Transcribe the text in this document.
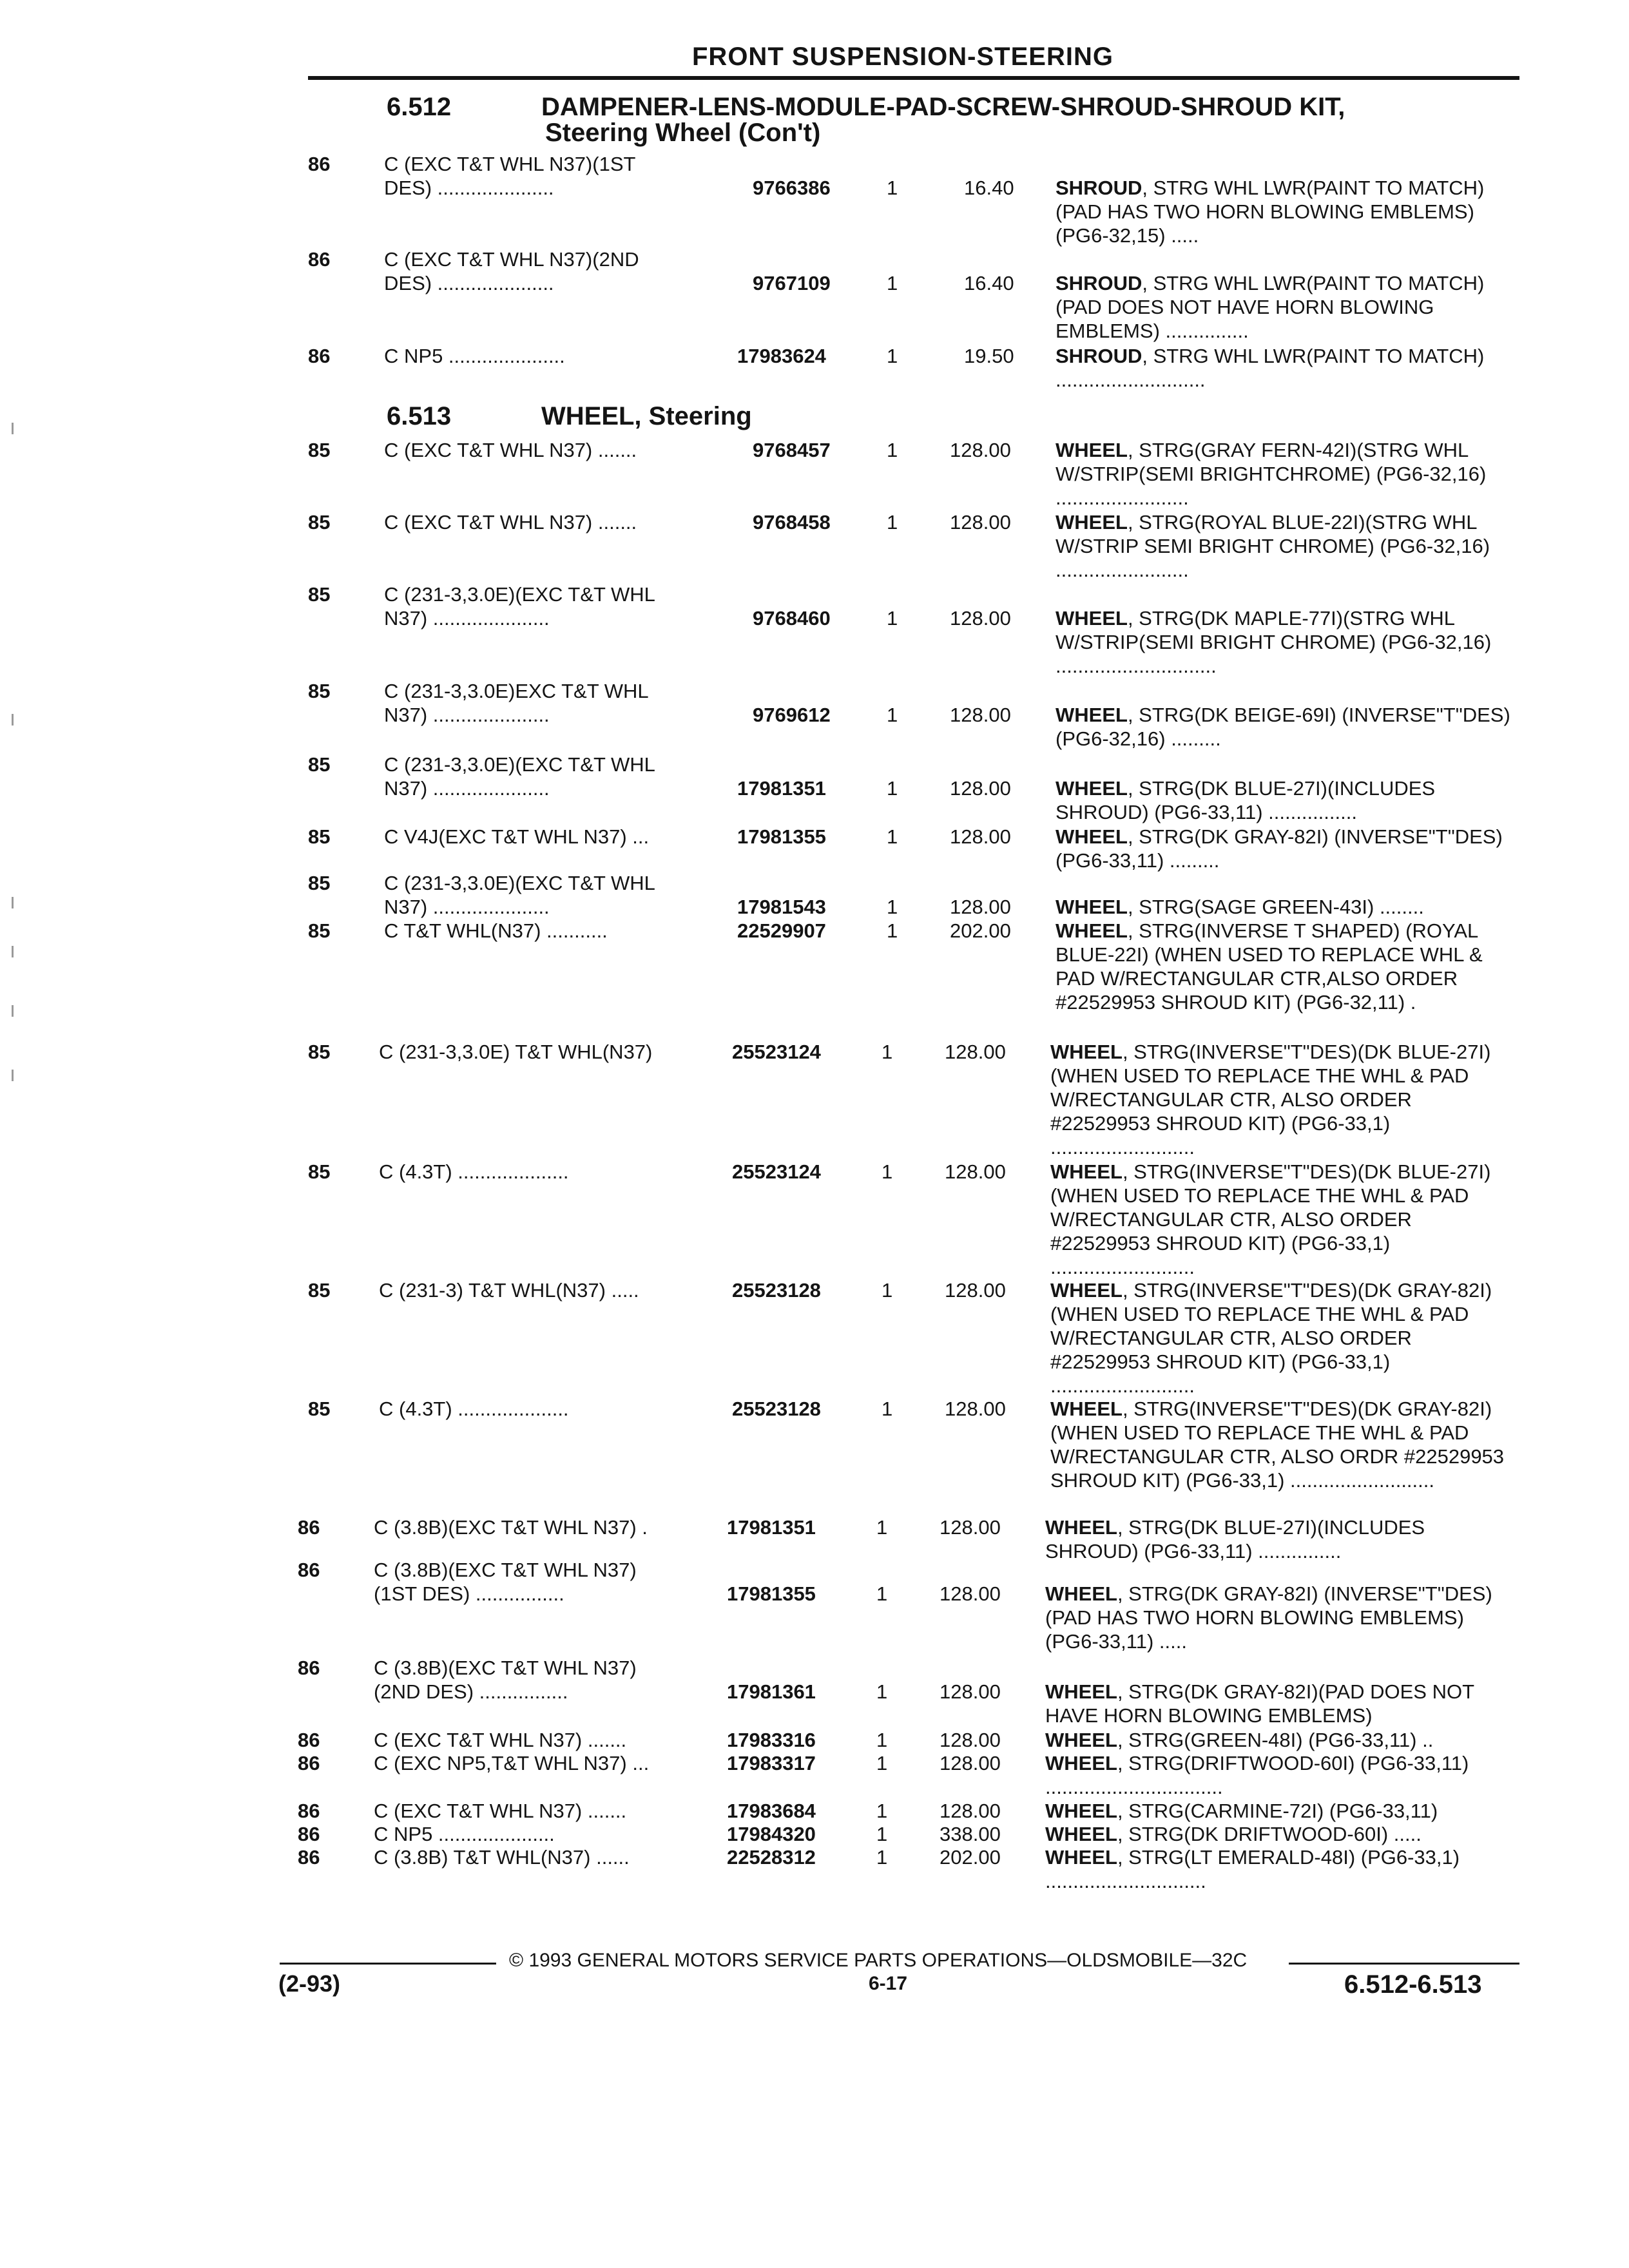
FRONT SUSPENSION-STEERING
6.512	DAMPENER-LENS-MODULE-PAD-SCREW-SHROUD-SHROUD KIT,
Steering Wheel (Con't)
6.513	WHEEL, Steering
86	C (EXC T&T WHL N37)(1ST
DES) .....................	9766386	1	16.40 SHROUD, STRG WHL LWR(PAINT TO MATCH)(PAD HAS TWO HORN BLOWING EMBLEMS) (PG6-32,15) .....
86	C (EXC T&T WHL N37)(2ND
DES) .....................	9767109	1	16.40 SHROUD, STRG WHL LWR(PAINT TO MATCH)(PAD DOES NOT HAVE HORN BLOWING EMBLEMS) ...............
86	C NP5 .....................	17983624	1	19.50 SHROUD, STRG WHL LWR(PAINT TO MATCH) ...........................
85	C (EXC T&T WHL N37) .......	9768457	1	128.00 WHEEL, STRG(GRAY FERN-42I)(STRG WHL W/STRIP(SEMI BRIGHTCHROME) (PG6-32,16) ........................
85	C (EXC T&T WHL N37) .......	9768458	1	128.00 WHEEL, STRG(ROYAL BLUE-22I)(STRG WHL W/STRIP SEMI BRIGHT CHROME) (PG6-32,16) ........................
85	C (231-3,3.0E)(EXC T&T WHL
N37) .....................	9768460	1	128.00 WHEEL, STRG(DK MAPLE-77I)(STRG WHL W/STRIP(SEMI BRIGHT CHROME) (PG6-32,16) .............................
85	C (231-3,3.0E)EXC T&T WHL
N37) .....................	9769612	1	128.00 WHEEL, STRG(DK BEIGE-69I) (INVERSE"T"DES) (PG6-32,16) .........
85	C (231-3,3.0E)(EXC T&T WHL
N37) .....................	17981351	1	128.00 WHEEL, STRG(DK BLUE-27I)(INCLUDES SHROUD) (PG6-33,11) ................
85	C V4J(EXC T&T WHL N37) ...	17981355	1	128.00 WHEEL, STRG(DK GRAY-82I) (INVERSE"T"DES) (PG6-33,11) .........
85	C (231-3,3.0E)(EXC T&T WHL
N37) .....................	17981543	1	128.00 WHEEL, STRG(SAGE GREEN-43I) ........
85	C T&T WHL(N37) ...........	22529907	1	202.00 WHEEL, STRG(INVERSE T SHAPED) (ROYAL BLUE-22I) (WHEN USED TO REPLACE WHL & PAD W/RECTANGULAR CTR,ALSO ORDER #22529953 SHROUD KIT) (PG6-32,11) .
85 C (231-3,3.0E) T&T WHL(N37)	25523124	1	128.00 WHEEL, STRG(INVERSE"T"DES)(DK BLUE-27I) (WHEN USED TO REPLACE THE WHL & PAD W/RECTANGULAR CTR, ALSO ORDER #22529953 SHROUD KIT) (PG6-33,1) ..........................
85 C (4.3T) ....................	25523124	1	128.00 WHEEL, STRG(INVERSE"T"DES)(DK BLUE-27I) (WHEN USED TO REPLACE THE WHL & PAD W/RECTANGULAR CTR, ALSO ORDER #22529953 SHROUD KIT) (PG6-33,1) ..........................
85 C (231-3) T&T WHL(N37) .....	25523128	1	128.00 WHEEL, STRG(INVERSE"T"DES)(DK GRAY-82I) (WHEN USED TO REPLACE THE WHL & PAD W/RECTANGULAR CTR, ALSO ORDER #22529953 SHROUD KIT) (PG6-33,1) ..........................
85 C (4.3T) ....................	25523128	1	128.00 WHEEL, STRG(INVERSE"T"DES)(DK GRAY-82I) (WHEN USED TO REPLACE THE WHL & PAD W/RECTANGULAR CTR, ALSO ORDR #22529953 SHROUD KIT) (PG6-33,1) ..........................
86	C (3.8B)(EXC T&T WHL N37) .	17981351	1	128.00 WHEEL, STRG(DK BLUE-27I)(INCLUDES SHROUD) (PG6-33,11) ...............
86	C (3.8B)(EXC T&T WHL N37)
(1ST DES) ................	17981355	1	128.00 WHEEL, STRG(DK GRAY-82I) (INVERSE"T"DES)(PAD HAS TWO HORN BLOWING EMBLEMS)(PG6-33,11) .....
86	C (3.8B)(EXC T&T WHL N37)
(2ND DES) ................	17981361	1	128.00 WHEEL, STRG(DK GRAY-82I)(PAD DOES NOT HAVE HORN BLOWING EMBLEMS)
86	C (EXC T&T WHL N37) .......	17983316	1	128.00 WHEEL, STRG(GREEN-48I) (PG6-33,11) ..
86	C (EXC NP5,T&T WHL N37) ...	17983317	1	128.00 WHEEL, STRG(DRIFTWOOD-60I) (PG6-33,11) ................................
86	C (EXC T&T WHL N37) .......	17983684	1	128.00 WHEEL, STRG(CARMINE-72I) (PG6-33,11)
86	C NP5 .....................	17984320	1	338.00 WHEEL, STRG(DK DRIFTWOOD-60I) .....
86	C (3.8B) T&T WHL(N37) ......	22528312	1	202.00 WHEEL, STRG(LT EMERALD-48I) (PG6-33,1) .............................
© 1993 GENERAL MOTORS SERVICE PARTS OPERATIONS—OLDSMOBILE—32C
(2-93)	6-17	6.512-6.513
